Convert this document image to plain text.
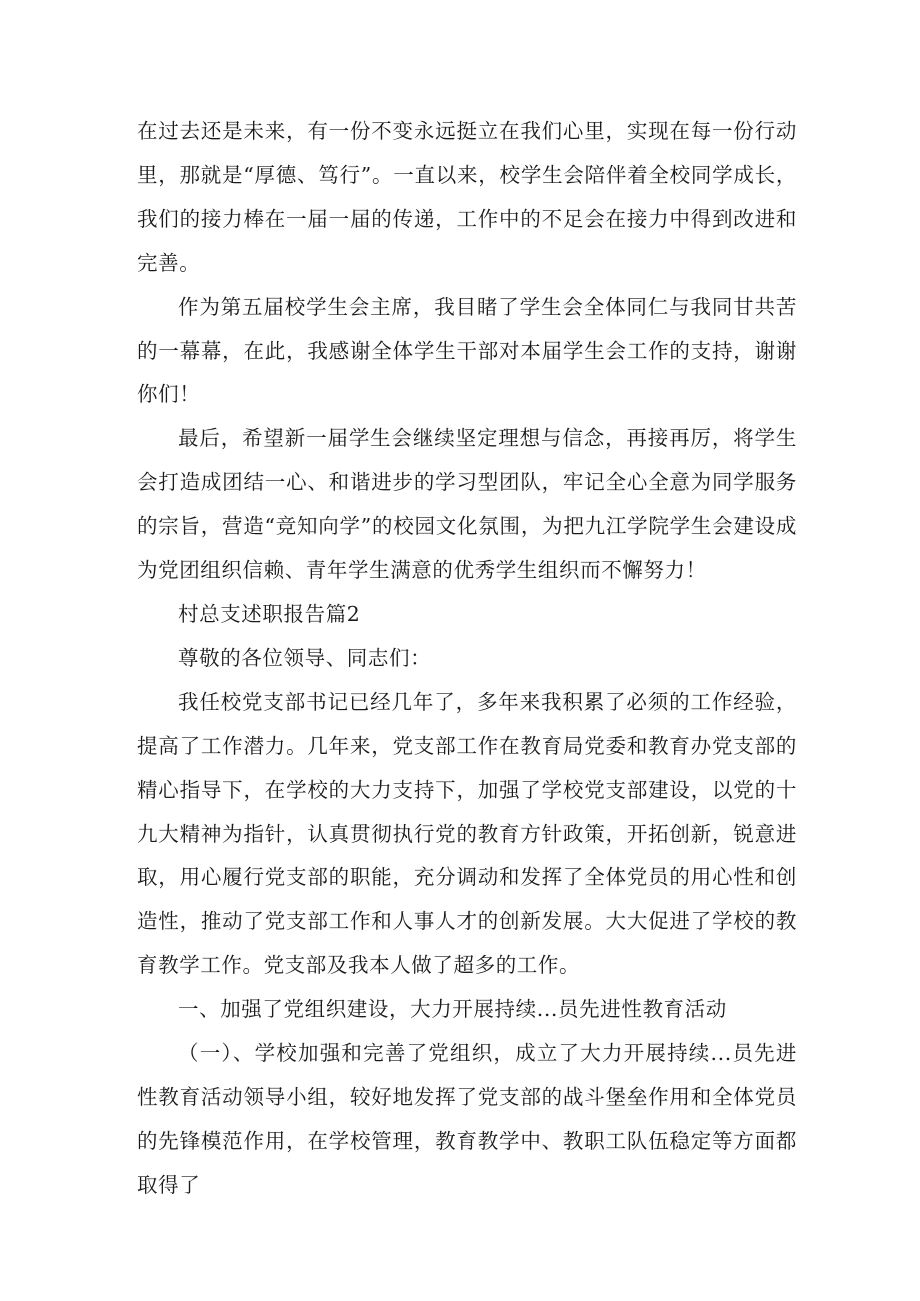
在过去还是未来，有一份不变永远挺立在我们心里，实现在每一份行动里，那就是“厚德、笃行”。一直以来，校学生会陪伴着全校同学成长，我们的接力棒在一届一届的传递，工作中的不足会在接力中得到改进和完善。

作为第五届校学生会主席，我目睹了学生会全体同仁与我同甘共苦的一幕幕，在此，我感谢全体学生干部对本届学生会工作的支持，谢谢你们！

最后，希望新一届学生会继续坚定理想与信念，再接再厉，将学生会打造成团结一心、和谐进步的学习型团队，牢记全心全意为同学服务的宗旨，营造“竞知向学”的校园文化氛围，为把九江学院学生会建设成为党团组织信赖、青年学生满意的优秀学生组织而不懈努力！

村总支述职报告篇2

尊敬的各位领导、同志们：

我任校党支部书记已经几年了，多年来我积累了必须的工作经验，提高了工作潜力。几年来，党支部工作在教育局党委和教育办党支部的精心指导下，在学校的大力支持下，加强了学校党支部建设，以党的十九大精神为指针，认真贯彻执行党的教育方针政策，开拓创新，锐意进取，用心履行党支部的职能，充分调动和发挥了全体党员的用心性和创造性，推动了党支部工作和人事人才的创新发展。大大促进了学校的教育教学工作。党支部及我本人做了超多的工作。

一、加强了党组织建设，大力开展持续...员先进性教育活动

（一）、学校加强和完善了党组织，成立了大力开展持续...员先进性教育活动领导小组，较好地发挥了党支部的战斗堡垒作用和全体党员的先锋模范作用，在学校管理，教育教学中、教职工队伍稳定等方面都取得了
